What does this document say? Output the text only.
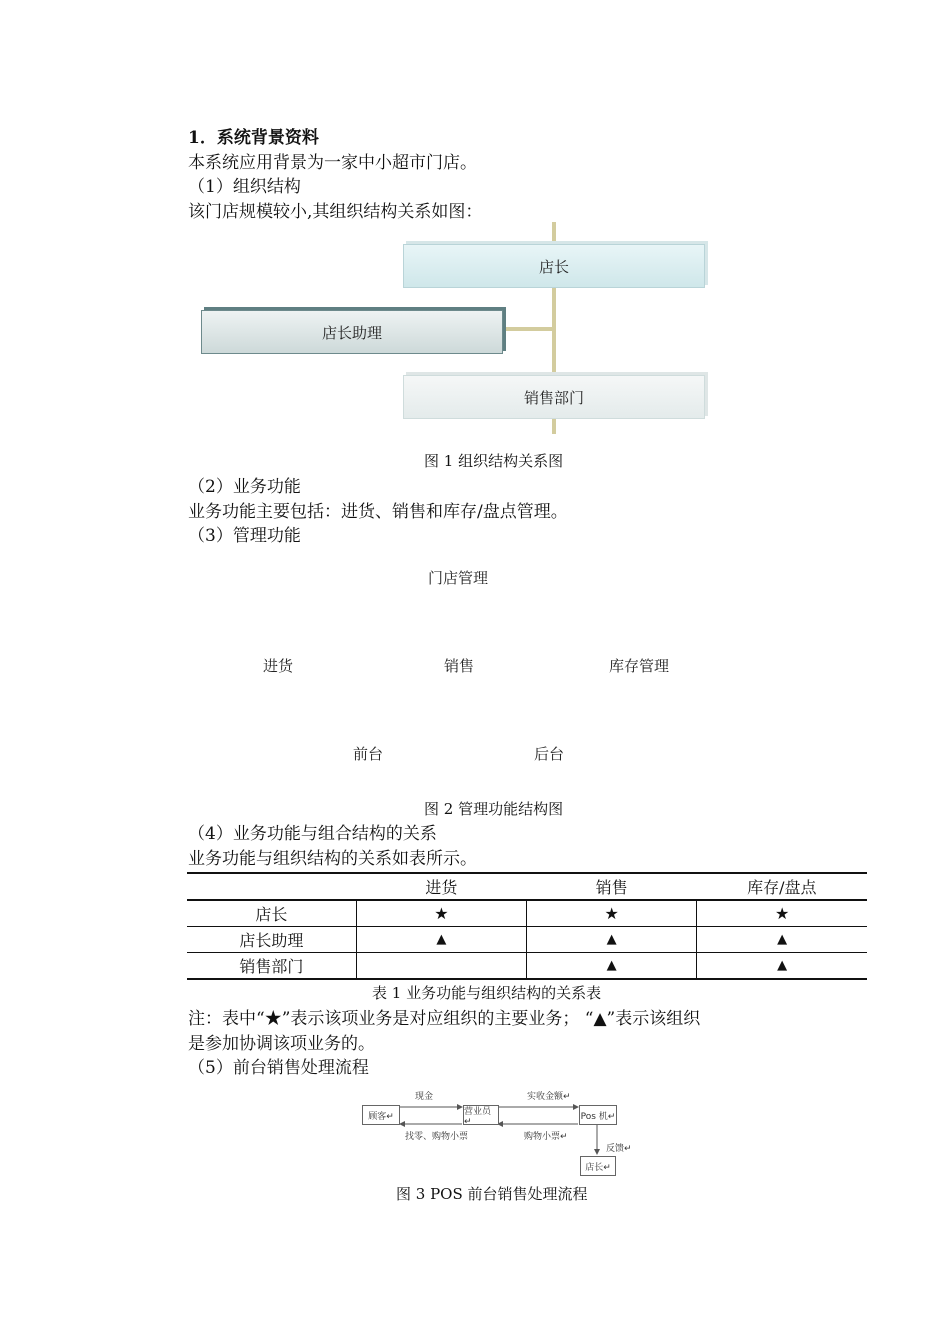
1．系统背景资料
本系统应用背景为一家中小超市门店。
（1）组织结构
该门店规模较小,其组织结构关系如图：
店长
店长助理
销售部门
图 1 组织结构关系图
（2）业务功能
业务功能主要包括：进货、销售和库存/盘点管理。
（3）管理功能
门店管理
进货	销售	库存管理
前台	后台
图 2 管理功能结构图
（4）业务功能与组合结构的关系
业务功能与组织结构的关系如表所示。
	进货	销售	库存/盘点
店长	★	★	★
店长助理	▲	▲	▲
销售部门		▲	▲
表 1 业务功能与组织结构的关系表
注：表中“★”表示该项业务是对应组织的主要业务； “▲”表示该组织
是参加协调该项业务的。
（5）前台销售处理流程
顾客↵	营业员↵	Pos 机↵
店长↵
现金	实收金额↵
找零、购物小票	购物小票↵
反馈↵
图 3 POS 前台销售处理流程
